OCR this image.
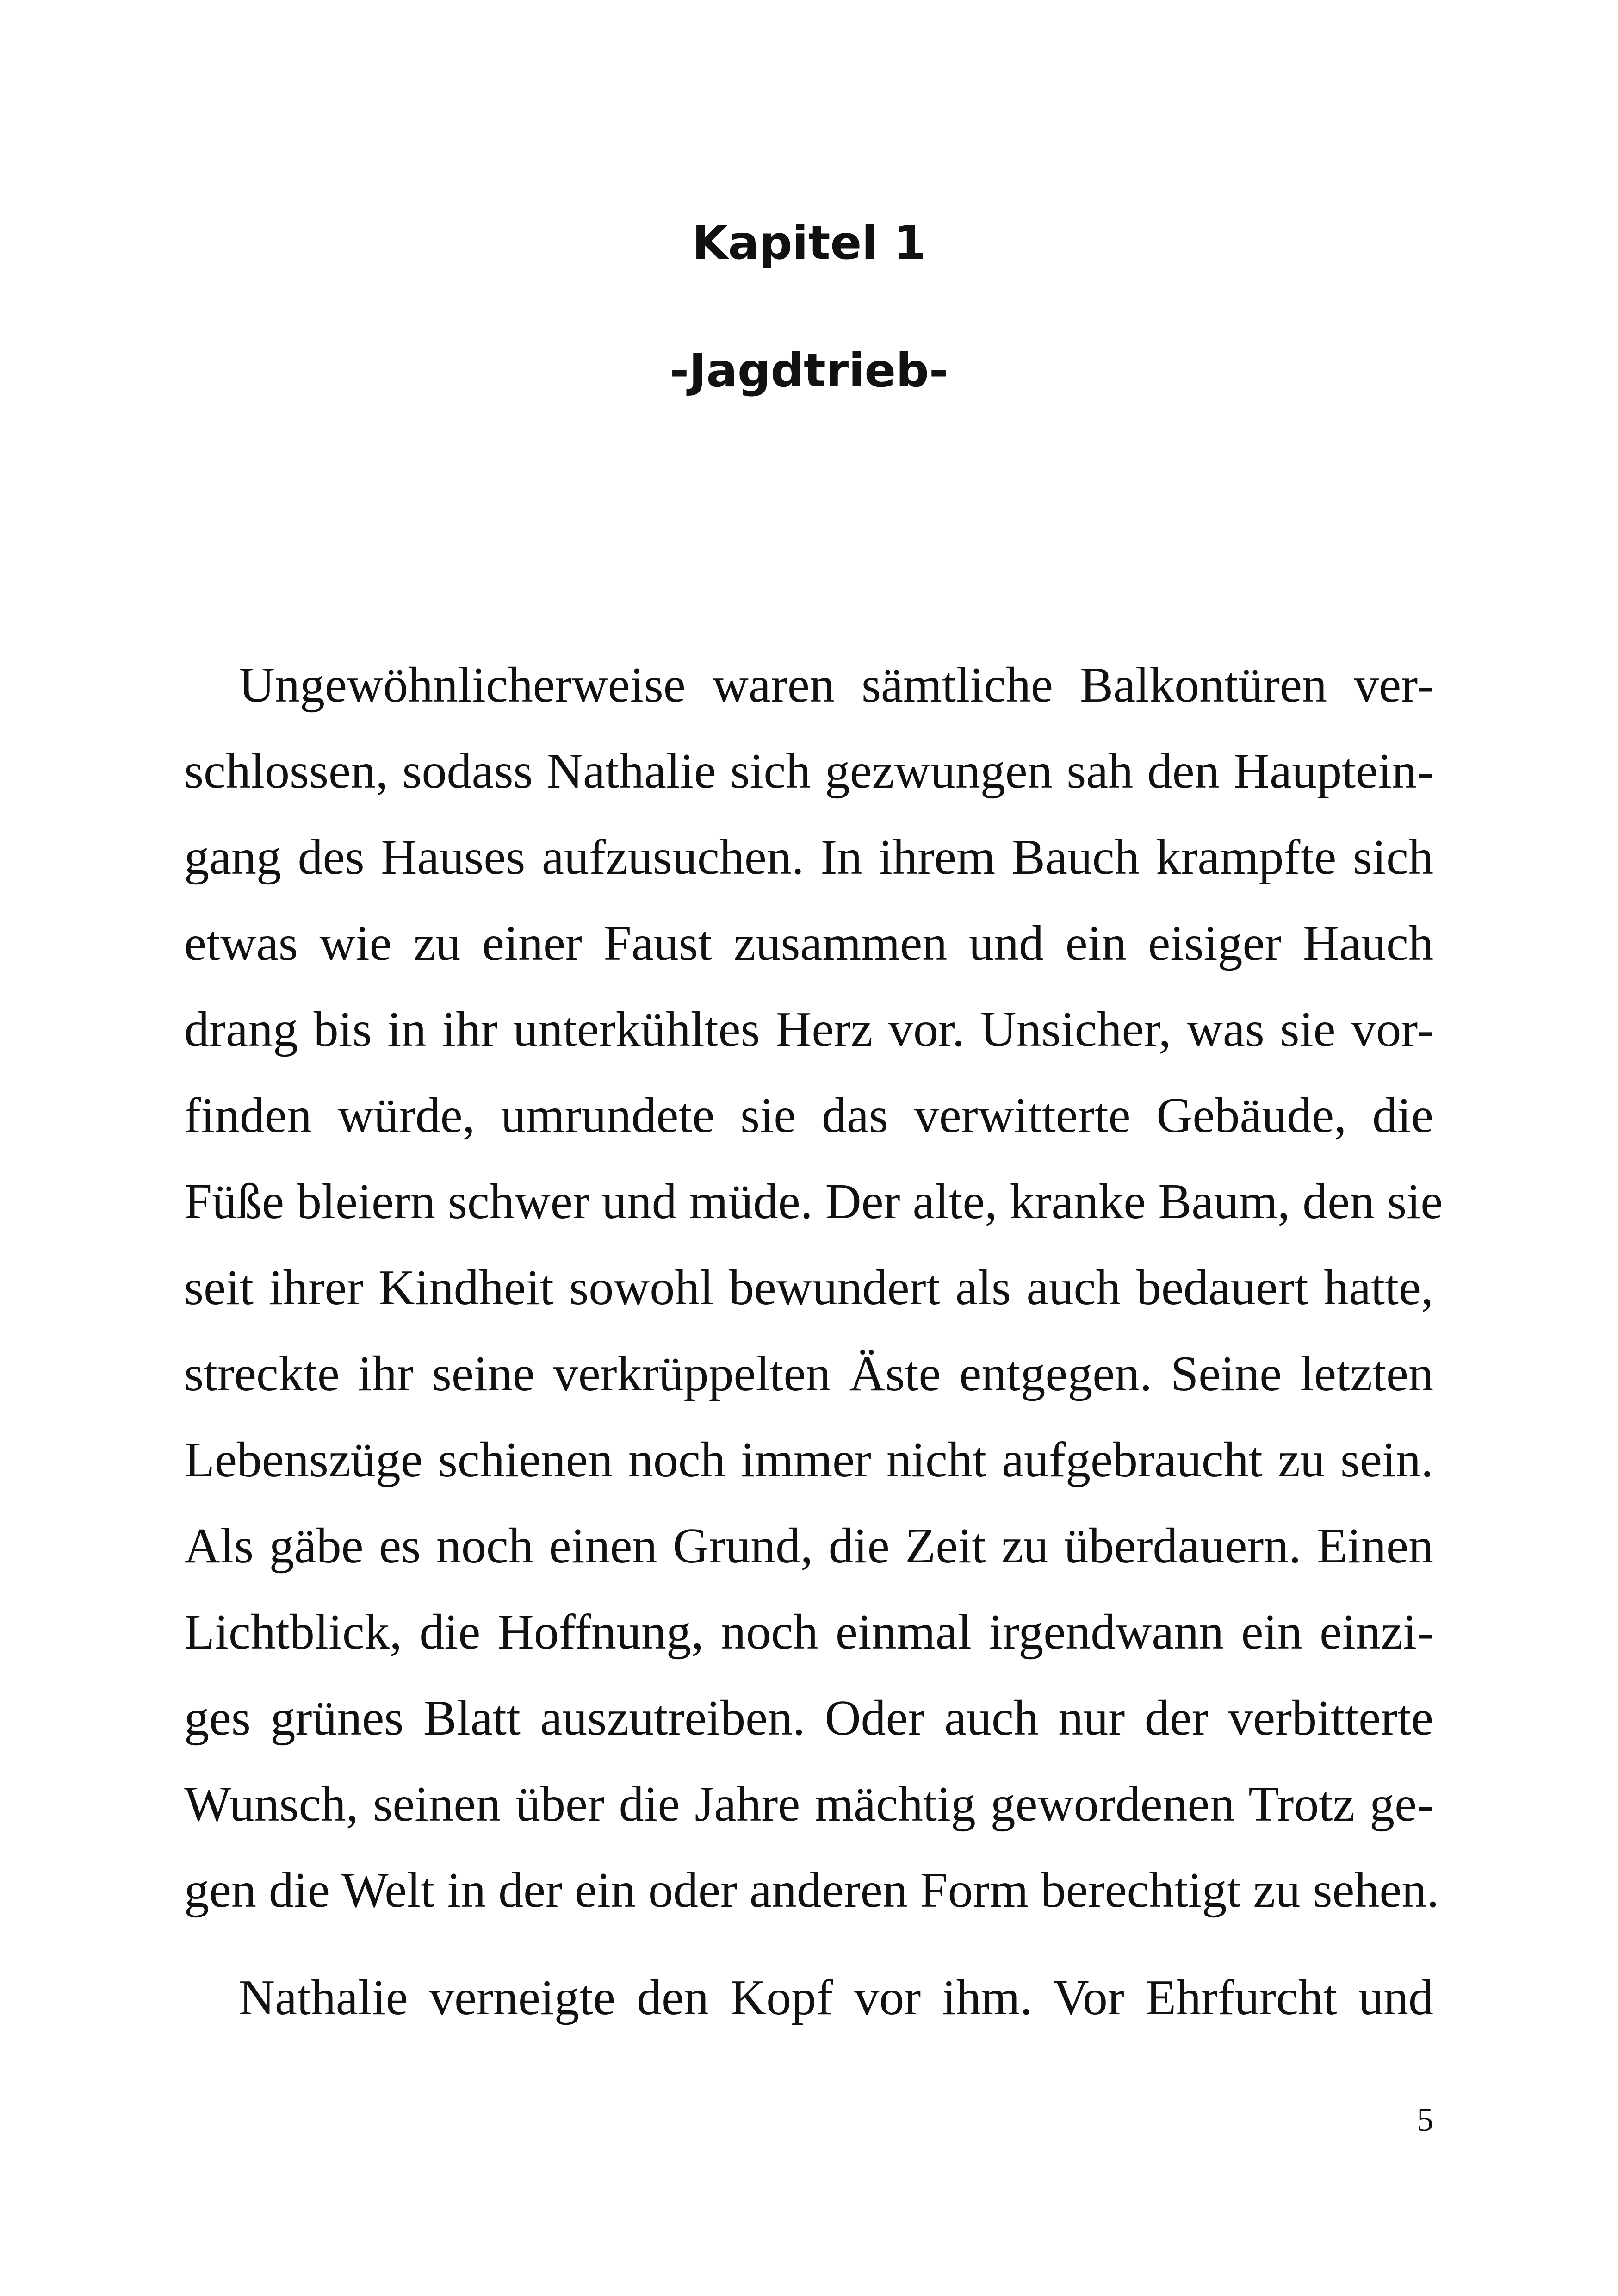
Kapitel 1
-Jagdtrieb-
Ungewöhnlicherweise waren sämtliche Balkontüren ver-
schlossen, sodass Nathalie sich gezwungen sah den Hauptein-
gang des Hauses aufzusuchen. In ihrem Bauch krampfte sich
etwas wie zu einer Faust zusammen und ein eisiger Hauch
drang bis in ihr unterkühltes Herz vor. Unsicher, was sie vor-
finden würde, umrundete sie das verwitterte Gebäude, die
Füße bleiern schwer und müde. Der alte, kranke Baum, den sie
seit ihrer Kindheit sowohl bewundert als auch bedauert hatte,
streckte ihr seine verkrüppelten Äste entgegen. Seine letzten
Lebenszüge schienen noch immer nicht aufgebraucht zu sein.
Als gäbe es noch einen Grund, die Zeit zu überdauern. Einen
Lichtblick, die Hoffnung, noch einmal irgendwann ein einzi-
ges grünes Blatt auszutreiben. Oder auch nur der verbitterte
Wunsch, seinen über die Jahre mächtig gewordenen Trotz ge-
gen die Welt in der ein oder anderen Form berechtigt zu sehen.
Nathalie verneigte den Kopf vor ihm. Vor Ehrfurcht und
5
